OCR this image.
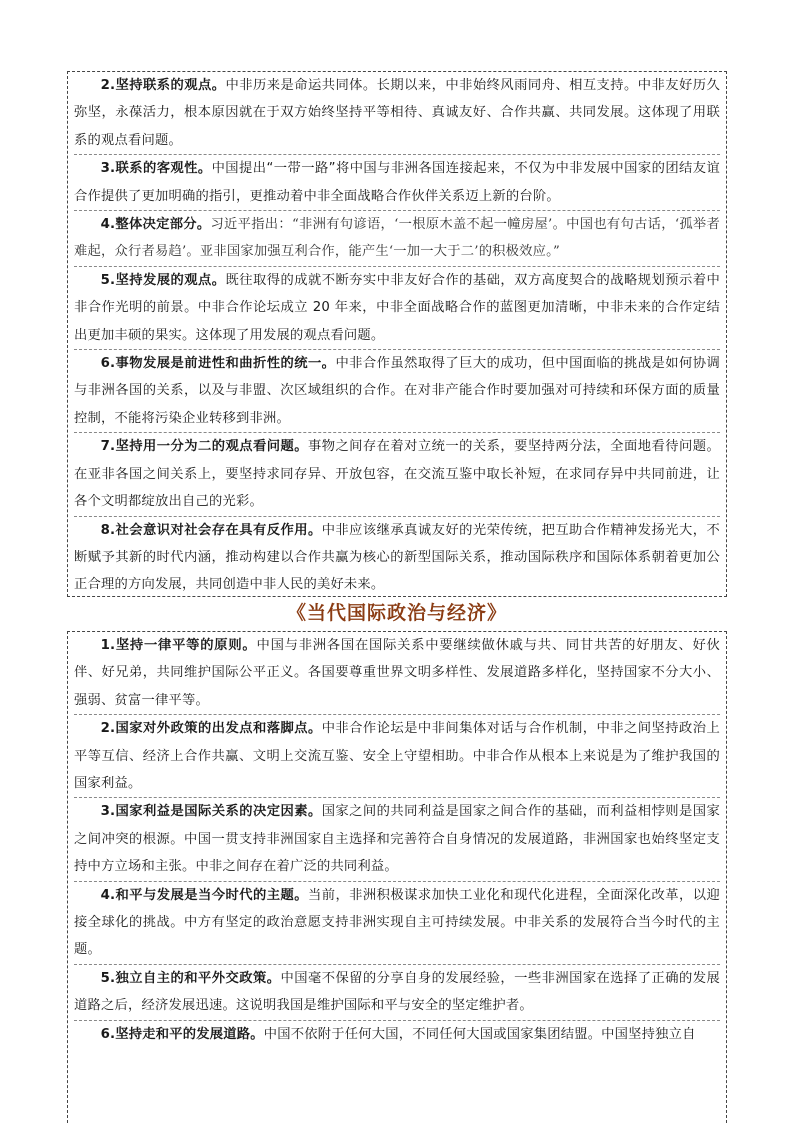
2.坚持联系的观点。中非历来是命运共同体。长期以来，中非始终风雨同舟、相互支持。中非友好历久弥坚，永葆活力，根本原因就在于双方始终坚持平等相待、真诚友好、合作共赢、共同发展。这体现了用联系的观点看问题。

3.联系的客观性。中国提出“一带一路”将中国与非洲各国连接起来，不仅为中非发展中国家的团结友谊合作提供了更加明确的指引，更推动着中非全面战略合作伙伴关系迈上新的台阶。

4.整体决定部分。习近平指出：“非洲有句谚语，‘一根原木盖不起一幢房屋’。中国也有句古话，‘孤举者难起，众行者易趋’。亚非国家加强互利合作，能产生‘一加一大于二’的积极效应。”

5.坚持发展的观点。既往取得的成就不断夯实中非友好合作的基础，双方高度契合的战略规划预示着中非合作光明的前景。中非合作论坛成立 20 年来，中非全面战略合作的蓝图更加清晰，中非未来的合作定结出更加丰硕的果实。这体现了用发展的观点看问题。

6.事物发展是前进性和曲折性的统一。中非合作虽然取得了巨大的成功，但中国面临的挑战是如何协调与非洲各国的关系，以及与非盟、次区域组织的合作。在对非产能合作时要加强对可持续和环保方面的质量控制，不能将污染企业转移到非洲。

7.坚持用一分为二的观点看问题。事物之间存在着对立统一的关系，要坚持两分法，全面地看待问题。在亚非各国之间关系上，要坚持求同存异、开放包容，在交流互鉴中取长补短，在求同存异中共同前进，让各个文明都绽放出自己的光彩。

8.社会意识对社会存在具有反作用。中非应该继承真诚友好的光荣传统，把互助合作精神发扬光大，不断赋予其新的时代内涵，推动构建以合作共赢为核心的新型国际关系，推动国际秩序和国际体系朝着更加公正合理的方向发展，共同创造中非人民的美好未来。

《当代国际政治与经济》

1.坚持一律平等的原则。中国与非洲各国在国际关系中要继续做休戚与共、同甘共苦的好朋友、好伙伴、好兄弟，共同维护国际公平正义。各国要尊重世界文明多样性、发展道路多样化，坚持国家不分大小、强弱、贫富一律平等。

2.国家对外政策的出发点和落脚点。中非合作论坛是中非间集体对话与合作机制，中非之间坚持政治上平等互信、经济上合作共赢、文明上交流互鉴、安全上守望相助。中非合作从根本上来说是为了维护我国的国家利益。

3.国家利益是国际关系的决定因素。国家之间的共同利益是国家之间合作的基础，而利益相悖则是国家之间冲突的根源。中国一贯支持非洲国家自主选择和完善符合自身情况的发展道路，非洲国家也始终坚定支持中方立场和主张。中非之间存在着广泛的共同利益。

4.和平与发展是当今时代的主题。当前，非洲积极谋求加快工业化和现代化进程，全面深化改革，以迎接全球化的挑战。中方有坚定的政治意愿支持非洲实现自主可持续发展。中非关系的发展符合当今时代的主题。

5.独立自主的和平外交政策。中国毫不保留的分享自身的发展经验，一些非洲国家在选择了正确的发展道路之后，经济发展迅速。这说明我国是维护国际和平与安全的坚定维护者。

6.坚持走和平的发展道路。中国不依附于任何大国，不同任何大国或国家集团结盟。中国坚持独立自
